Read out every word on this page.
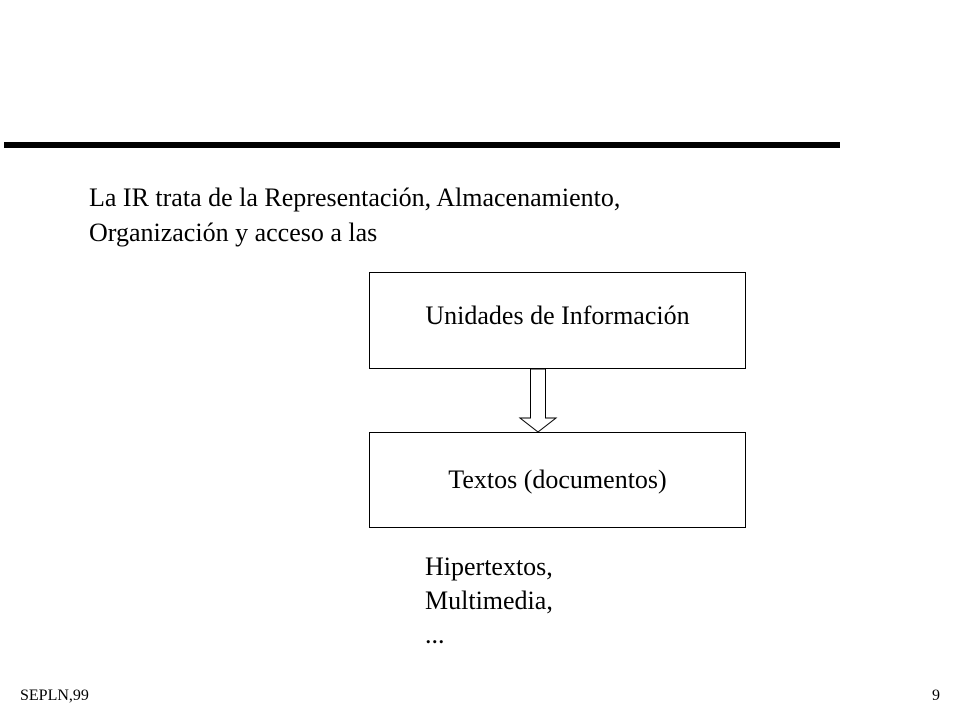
La IR trata de la Representación, Almacenamiento,
Organización y acceso a las
Unidades de Información
Textos (documentos)
Hipertextos,
Multimedia,
...
SEPLN,99	9
